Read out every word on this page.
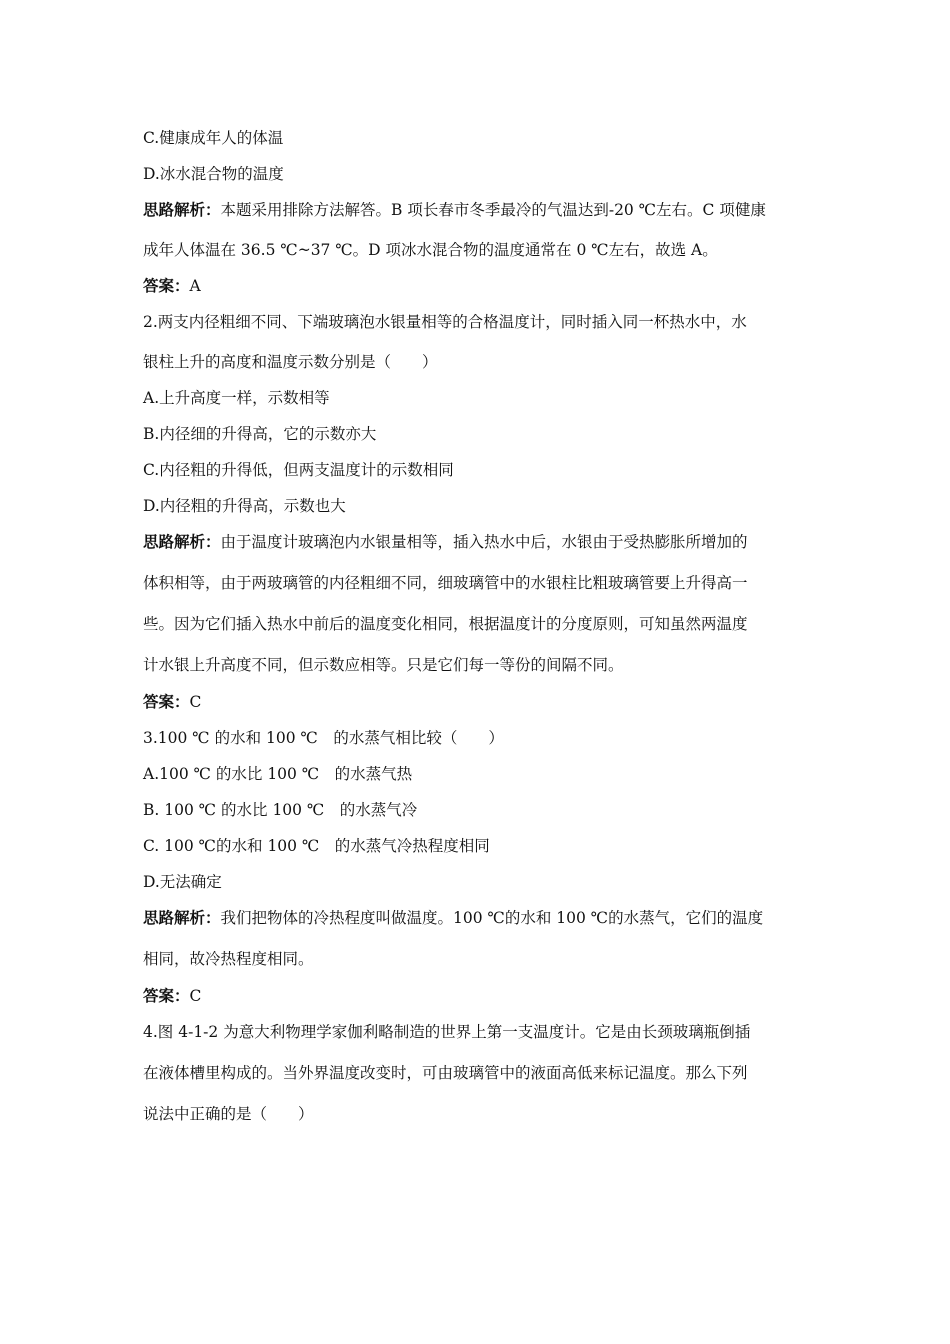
C.健康成年人的体温

D.冰水混合物的温度

思路解析：本题采用排除方法解答。B 项长春市冬季最冷的气温达到-20 ℃左右。C 项健康

成年人体温在 36.5 ℃~37 ℃。D 项冰水混合物的温度通常在 0 ℃左右，故选 A。

答案：A

2.两支内径粗细不同、下端玻璃泡水银量相等的合格温度计，同时插入同一杯热水中，水

银柱上升的高度和温度示数分别是（　　）

A.上升高度一样，示数相等

B.内径细的升得高，它的示数亦大

C.内径粗的升得低，但两支温度计的示数相同

D.内径粗的升得高，示数也大

思路解析：由于温度计玻璃泡内水银量相等，插入热水中后，水银由于受热膨胀所增加的

体积相等，由于两玻璃管的内径粗细不同，细玻璃管中的水银柱比粗玻璃管要上升得高一

些。因为它们插入热水中前后的温度变化相同，根据温度计的分度原则，可知虽然两温度

计水银上升高度不同，但示数应相等。只是它们每一等份的间隔不同。

答案：C

3.100 ℃ 的水和 100 ℃　的水蒸气相比较（　　）

A.100 ℃ 的水比 100 ℃　的水蒸气热

B. 100 ℃ 的水比 100 ℃　的水蒸气冷

C. 100 ℃的水和 100 ℃　的水蒸气冷热程度相同

D.无法确定

思路解析：我们把物体的冷热程度叫做温度。100 ℃的水和 100 ℃的水蒸气，它们的温度

相同，故冷热程度相同。

答案：C

4.图 4-1-2 为意大利物理学家伽利略制造的世界上第一支温度计。它是由长颈玻璃瓶倒插

在液体槽里构成的。当外界温度改变时，可由玻璃管中的液面高低来标记温度。那么下列

说法中正确的是（　　）
